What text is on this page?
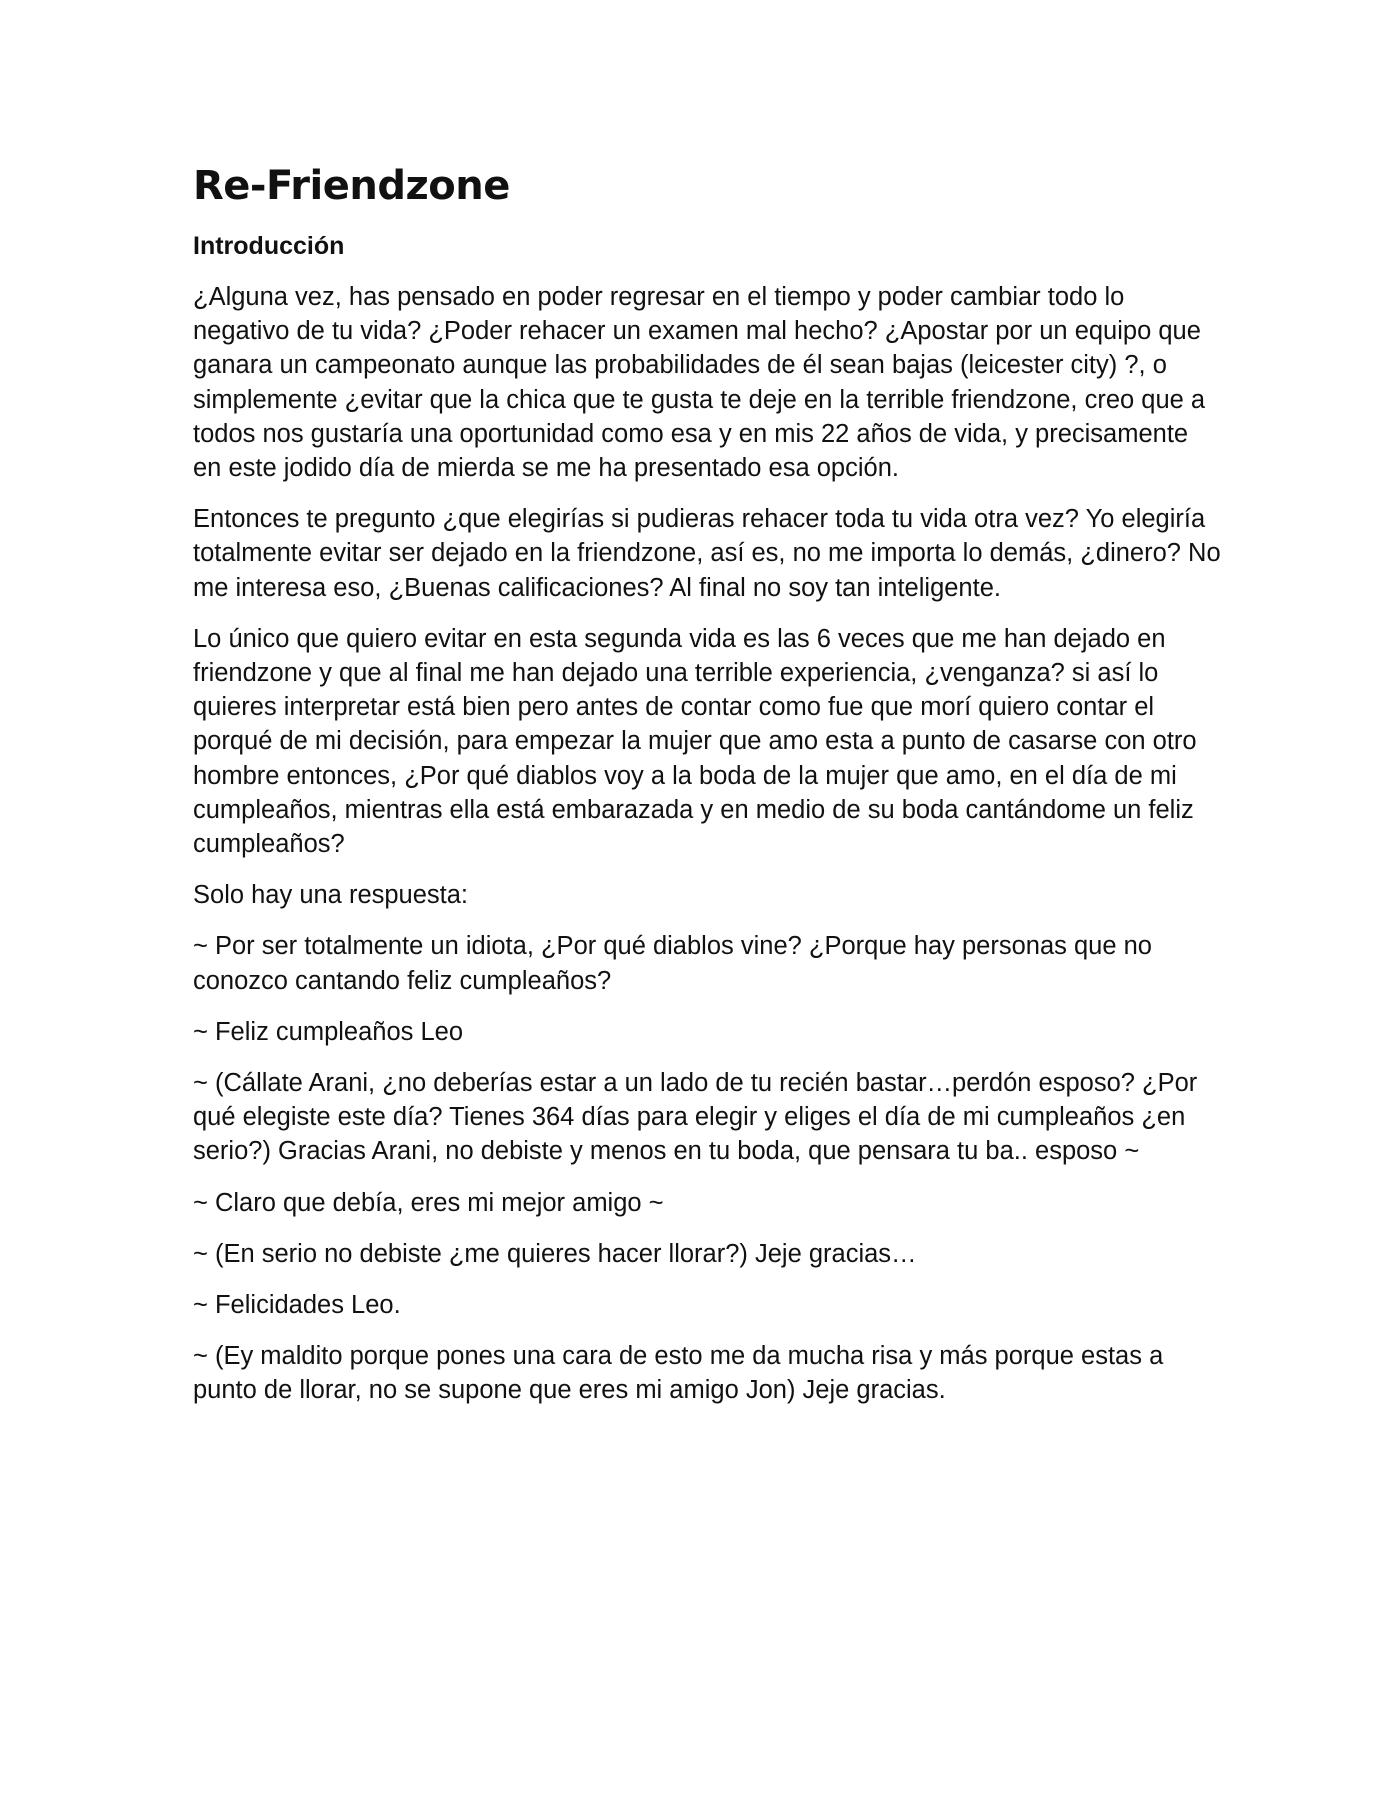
Re-Friendzone
Introducción

¿Alguna vez, has pensado en poder regresar en el tiempo y poder cambiar todo lo negativo de tu vida? ¿Poder rehacer un examen mal hecho? ¿Apostar por un equipo que ganara un campeonato aunque las probabilidades de él sean bajas (leicester city) ?, o simplemente ¿evitar que la chica que te gusta te deje en la terrible friendzone, creo que a todos nos gustaría una oportunidad como esa y en mis 22 años de vida, y precisamente en este jodido día de mierda se me ha presentado esa opción.

Entonces te pregunto ¿que elegirías si pudieras rehacer toda tu vida otra vez? Yo elegiría totalmente evitar ser dejado en la friendzone, así es, no me importa lo demás, ¿dinero? No me interesa eso, ¿Buenas calificaciones? Al final no soy tan inteligente.

Lo único que quiero evitar en esta segunda vida es las 6 veces que me han dejado en friendzone y que al final me han dejado una terrible experiencia, ¿venganza? si así lo quieres interpretar está bien pero antes de contar como fue que morí quiero contar el porqué de mi decisión, para empezar la mujer que amo esta a punto de casarse con otro hombre entonces, ¿Por qué diablos voy a la boda de la mujer que amo, en el día de mi cumpleaños, mientras ella está embarazada y en medio de su boda cantándome un feliz cumpleaños?

Solo hay una respuesta:

~ Por ser totalmente un idiota, ¿Por qué diablos vine? ¿Porque hay personas que no conozco cantando feliz cumpleaños?

~ Feliz cumpleaños Leo

~ (Cállate Arani, ¿no deberías estar a un lado de tu recién bastar…perdón esposo? ¿Por qué elegiste este día? Tienes 364 días para elegir y eliges el día de mi cumpleaños ¿en serio?) Gracias Arani, no debiste y menos en tu boda, que pensara tu ba.. esposo ~

~ Claro que debía, eres mi mejor amigo ~

~ (En serio no debiste ¿me quieres hacer llorar?) Jeje gracias…

~ Felicidades Leo.

~ (Ey maldito porque pones una cara de esto me da mucha risa y más porque estas a punto de llorar, no se supone que eres mi amigo Jon) Jeje gracias.
